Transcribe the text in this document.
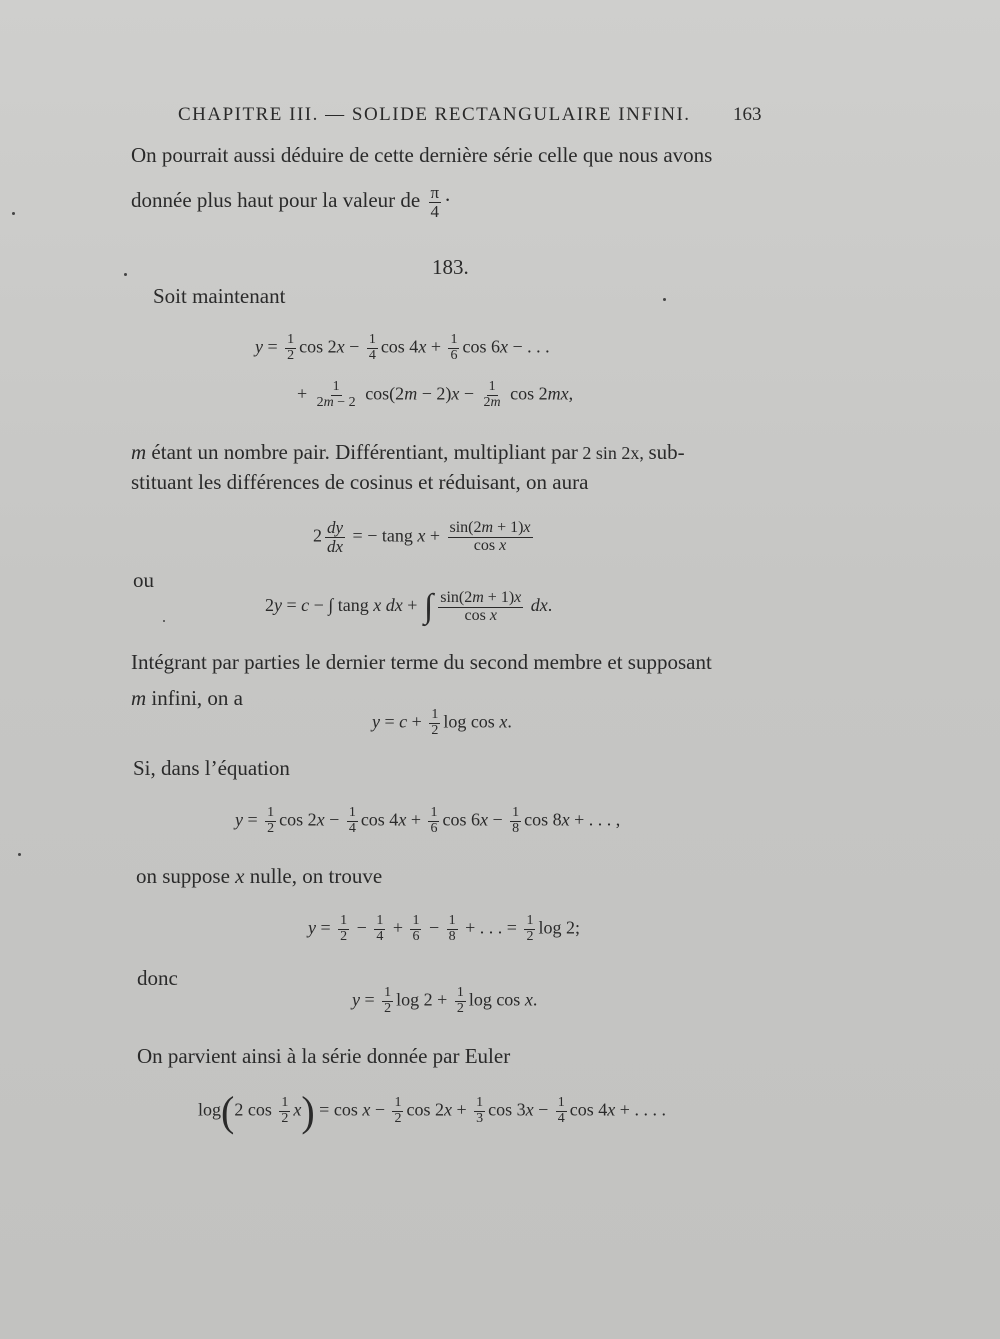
CHAPITRE III. — SOLIDE RECTANGULAIRE INFINI. 163
On pourrait aussi déduire de cette dernière série celle que nous avons
donnée plus haut pour la valeur de $\frac{\pi}{4}$ ·
183.
Soit maintenant
$y = \frac{1}{2}$ $\cos 2x - \frac{1}{4}$ $\cos 4x + \frac{1}{6}$ cos 6x − . . .
+ $\frac{1}{2m - 2} \cos(2m - 2)x - \frac{1}{2m}$ cos 2mx,
m étant un nombre pair. Différentiant, multipliant par 2 sin 2x, sub-
stituant les différences de cosinus et réduisant, on aura
$2 \frac{dy}{dx}$ = − tang $x + \frac{\sin(2m + 1)x}{\text{cos x}}$
ou
2y = c − ∫ tang x dx + ∫ $\frac{\sin(2m + 1)x}{\text{cos x}}$ dx.
Intégrant par parties le dernier terme du second membre et supposant
m infini, on a
$y = c + \frac{1}{2}$ log cos x.
Si, dans l’équation
$y = \frac{1}{2}$ $\cos 2x - \frac{1}{4}$ $\cos 4x + \frac{1}{6}$ $\cos 6x - \frac{1}{8}$ cos 8x + . . . ,
on suppose x nulle, on trouve
$y = \frac{1}{2} - \frac{1}{4} + \frac{1}{6} - \frac{1}{8}$ + . . . = $\frac{1}{2}$ log 2;
donc
$y = \frac{1}{2}$ $\log 2 + \frac{1}{2}$ log cos x.
On parvient ainsi à la série donnée par Euler
log(2 $\cos \frac{1}{2} x) = \cos x - \frac{1}{2}$ $\cos 2x + \frac{1}{3}$ $\cos 3x - \frac{1}{4}$ cos 4x + . . . .
